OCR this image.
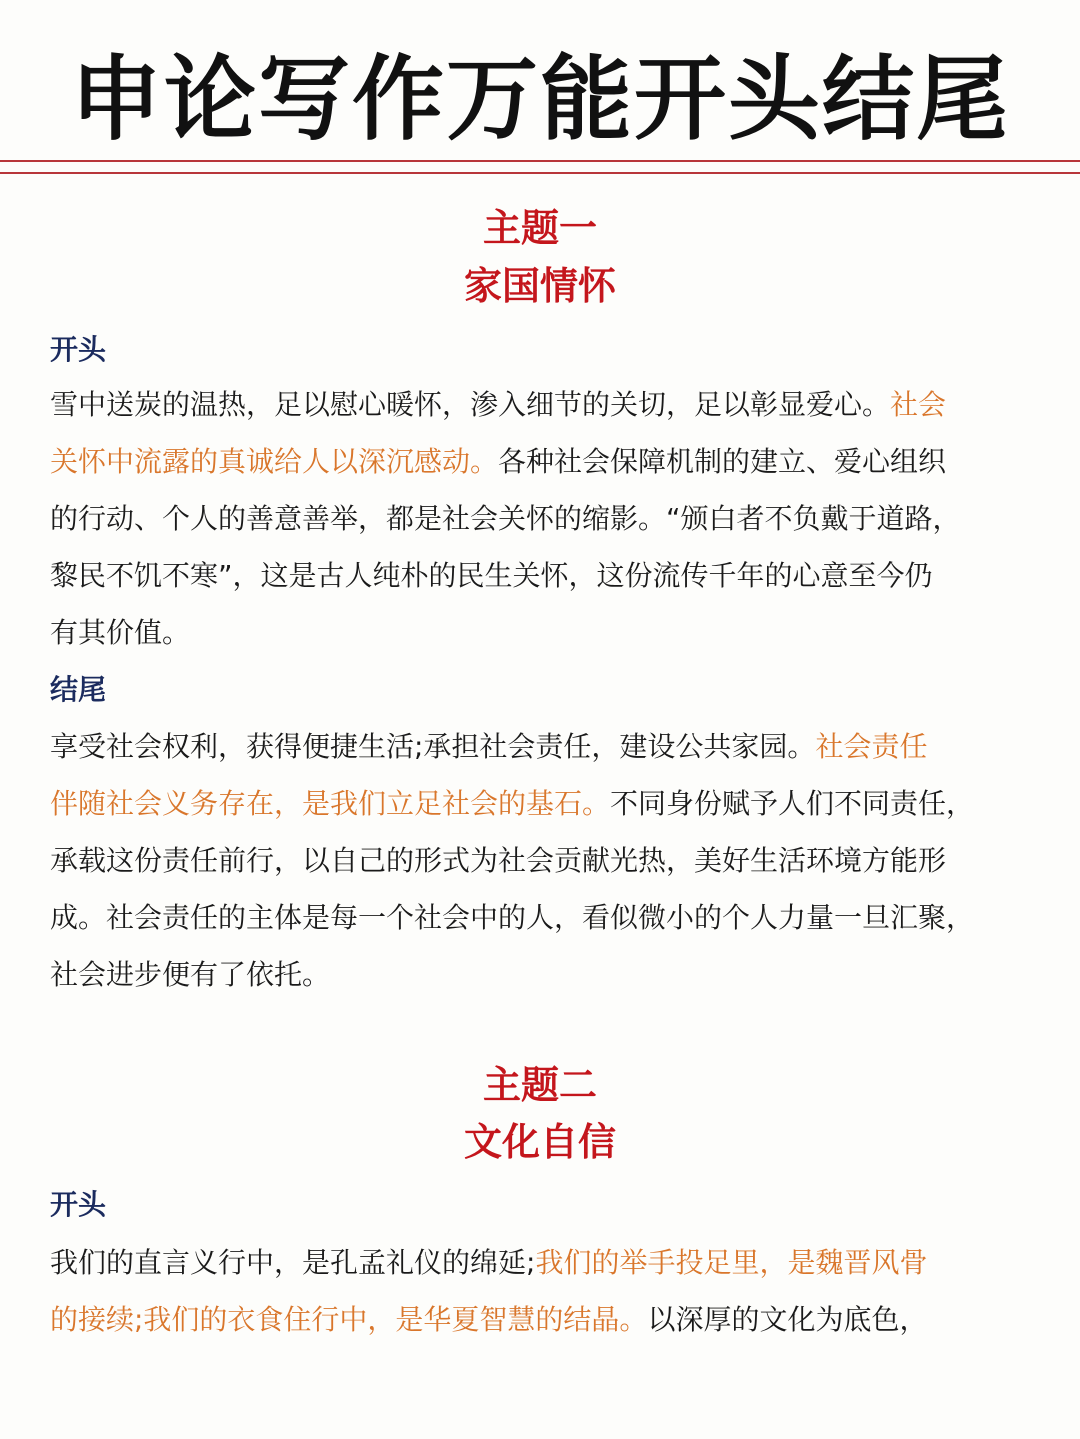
申论写作万能开头结尾
主题一
家国情怀
开头
雪中送炭的温热，足以慰心暖怀，渗入细节的关切，足以彰显爱心。社会
关怀中流露的真诚给人以深沉感动。各种社会保障机制的建立、爱心组织
的行动、个人的善意善举，都是社会关怀的缩影。“颁白者不负戴于道路，
黎民不饥不寒”，这是古人纯朴的民生关怀，这份流传千年的心意至今仍
有其价值。
结尾
享受社会权利，获得便捷生活;承担社会责任，建设公共家园。社会责任
伴随社会义务存在，是我们立足社会的基石。不同身份赋予人们不同责任，
承载这份责任前行，以自己的形式为社会贡献光热，美好生活环境方能形
成。社会责任的主体是每一个社会中的人，看似微小的个人力量一旦汇聚，
社会进步便有了依托。
主题二
文化自信
开头
我们的直言义行中，是孔孟礼仪的绵延;我们的举手投足里，是魏晋风骨
的接续;我们的衣食住行中，是华夏智慧的结晶。以深厚的文化为底色，
